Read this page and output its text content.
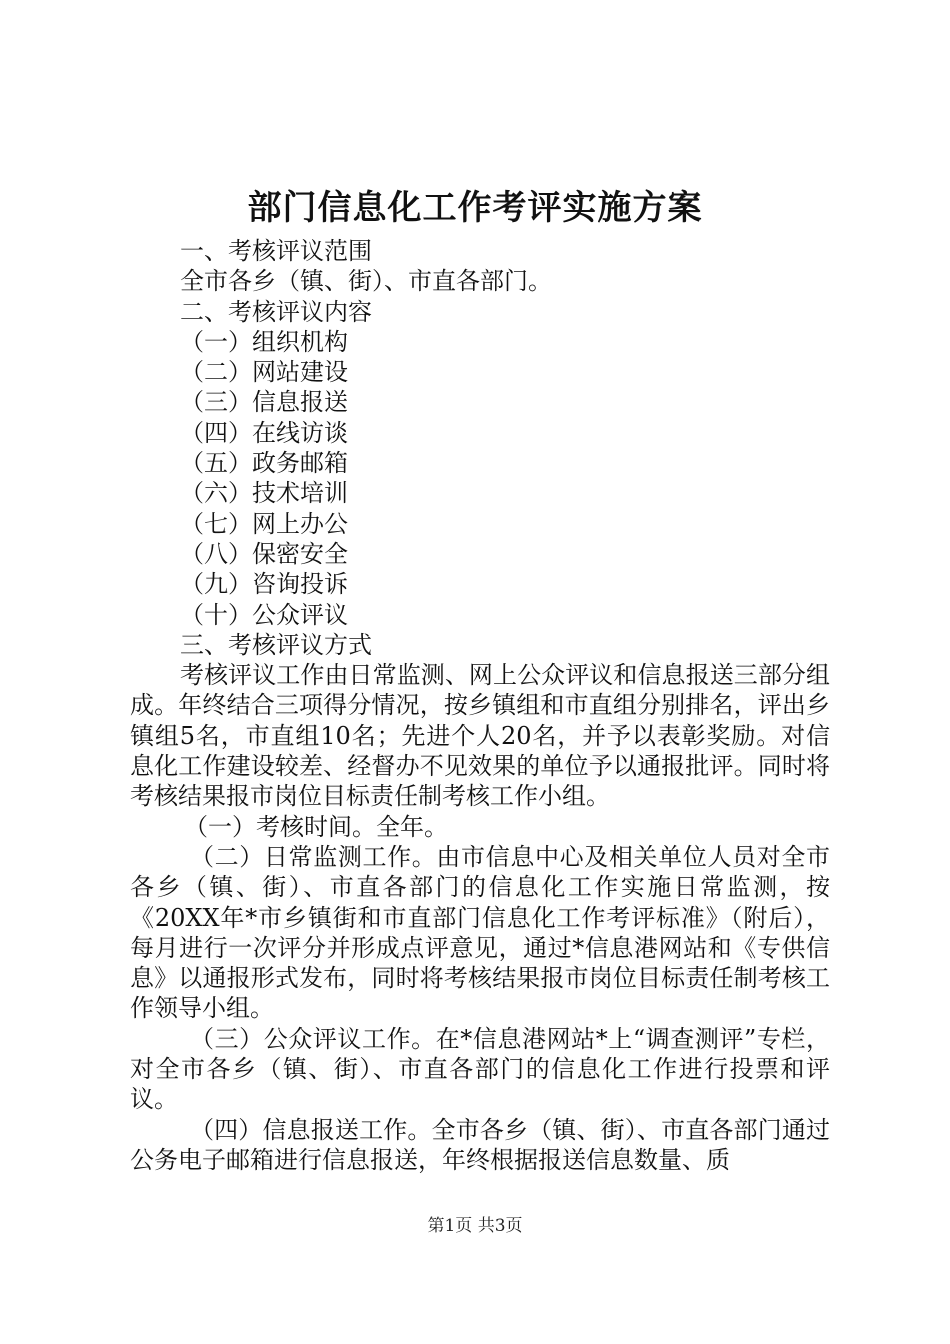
部门信息化工作考评实施方案

一、考核评议范围

全市各乡（镇、街）、市直各部门。

二、考核评议内容

（一）组织机构

（二）网站建设

（三）信息报送

（四）在线访谈

（五）政务邮箱

（六）技术培训

（七）网上办公

（八）保密安全

（九）咨询投诉

（十）公众评议

三、考核评议方式

考核评议工作由日常监测、网上公众评议和信息报送三部分组成。年终结合三项得分情况，按乡镇组和市直组分别排名，评出乡镇组5名，市直组10名；先进个人20名，并予以表彰奖励。对信息化工作建设较差、经督办不见效果的单位予以通报批评。同时将考核结果报市岗位目标责任制考核工作小组。

（一）考核时间。全年。

（二）日常监测工作。由市信息中心及相关单位人员对全市各乡（镇、街）、市直各部门的信息化工作实施日常监测，按《20XX年*市乡镇街和市直部门信息化工作考评标准》（附后），每月进行一次评分并形成点评意见，通过*信息港网站和《专供信息》以通报形式发布，同时将考核结果报市岗位目标责任制考核工作领导小组。

（三）公众评议工作。在*信息港网站*上“调查测评”专栏，对全市各乡（镇、街）、市直各部门的信息化工作进行投票和评议。

（四）信息报送工作。全市各乡（镇、街）、市直各部门通过公务电子邮箱进行信息报送，年终根据报送信息数量、质

第1页 共3页
